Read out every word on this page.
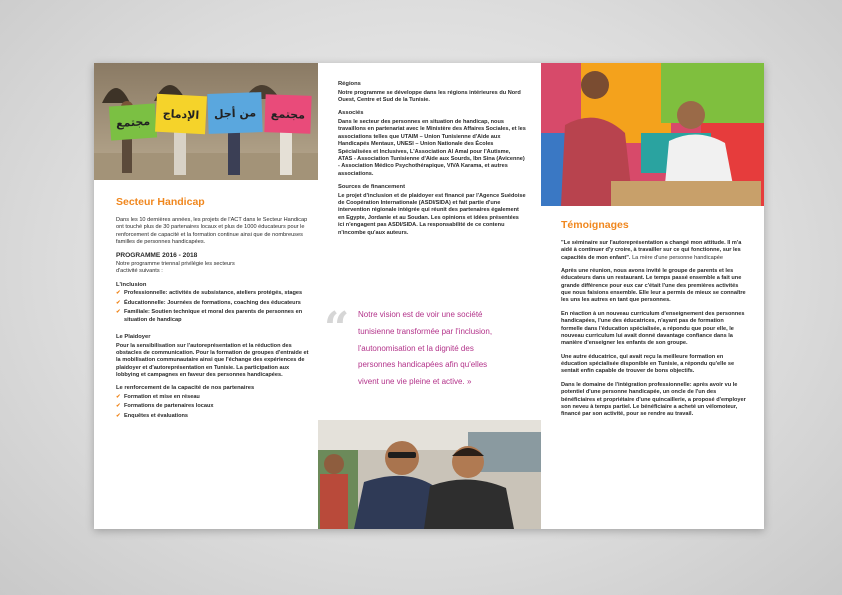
مجتمع
الإدماج	من أجل	مجتمع
Secteur Handicap

Dans les 10 dernières années, les projets de l'ACT dans le Secteur Handicap ont touché plus de 30 partenaires locaux et plus de 1000 éducateurs pour le renforcement de capacité et la formation continue ainsi que de nombreuses familles de personnes handicapées.

PROGRAMME 2016 - 2018

Notre programme triennal privilégie les secteurs d'activité suivants :

L'inclusion
✔ Professionnelle: activités de subsistance, ateliers protégés, stages
✔ Éducationnelle: Journées de formations, coaching des éducateurs
✔ Familiale: Soutien technique et moral des parents de personnes en situation de handicap
Le Plaidoyer

Pour la sensibilisation sur l'autoreprésentation et la réduction des obstacles de communication. Pour la formation de groupes d'entraide et la mobilisation communautaire ainsi que l'échange des expériences de plaidoyer et d'autoreprésentation en Tunisie. La participation aux lobbying et campagnes en faveur des personnes handicapées.

Le renforcement de la capacité de nos partenaires
✔ Formation et mise en réseau
✔ Formations de partenaires locaux
✔ Enquêtes et évaluations
Régions

Notre programme se développe dans les régions intérieures du Nord Ouest, Centre et Sud de la Tunisie.

Associés

Dans le secteur des personnes en situation de handicap, nous travaillons en partenariat avec le Ministère des Affaires Sociales, et les associations telles que UTAIM – Union Tunisienne d'Aide aux Handicapés Mentaux, UNESI – Union Nationale des Écoles Spécialisées et Inclusives, L'Association Al Amal pour l'Autisme, ATAS - Association Tunisienne d'Aide aux Sourds, Ibn Sina (Avicenne) - Association Médico Psychothérapique, VIVA Karama, et autres associations.

Sources de financement

Le projet d'inclusion et de plaidoyer est financé par l'Agence Suédoise de Coopération Internationale (ASDI/SIDA) et fait partie d'une intervention régionale intégrée qui réunit des partenaires également en Egypte, Jordanie et au Soudan. Les opinions et idées présentées ici n'engagent pas ASDI/SIDA. La responsabilité de ce contenu n'incombe qu'aux auteurs.

“ Notre vision est de voir une société
tunisienne transformée par l'inclusion,
l'autonomisation et la dignité des
personnes handicapées afin qu'elles
vivent une vie pleine et active. »
Témoignages

"Le séminaire sur l'autoreprésentation a changé mon attitude. Il m'a aidé à continuer d'y croire, à travailler sur ce qui fonctionne, sur les capacités de mon enfant". La mère d'une personne handicapée

Après une réunion, nous avons invité le groupe de parents et les éducateurs dans un restaurant. Le temps passé ensemble a fait une grande différence pour eux car c'était l'une des premières activités que nous faisions ensemble. Elle leur a permis de mieux se connaître les uns les autres en tant que personnes.

En réaction à un nouveau curriculum d'enseignement des personnes handicapées, l'une des éducatrices, n'ayant pas de formation formelle dans l'éducation spécialisée, a répondu que pour elle, le nouveau curriculum lui avait donné davantage confiance dans la manière d'enseigner les enfants de son groupe.

Une autre éducatrice, qui avait reçu la meilleure formation en éducation spécialisée disponible en Tunisie, a répondu qu'elle se sentait enfin capable de trouver de bons objectifs.

Dans le domaine de l'intégration professionnelle: après avoir vu le potentiel d'une personne handicapée, un oncle de l'un des bénéficiaires et propriétaire d'une quincaillerie, a proposé d'employer son neveu à temps partiel. Le bénéficiaire a acheté un vélomoteur, financé par son activité, pour se rendre au travail.
